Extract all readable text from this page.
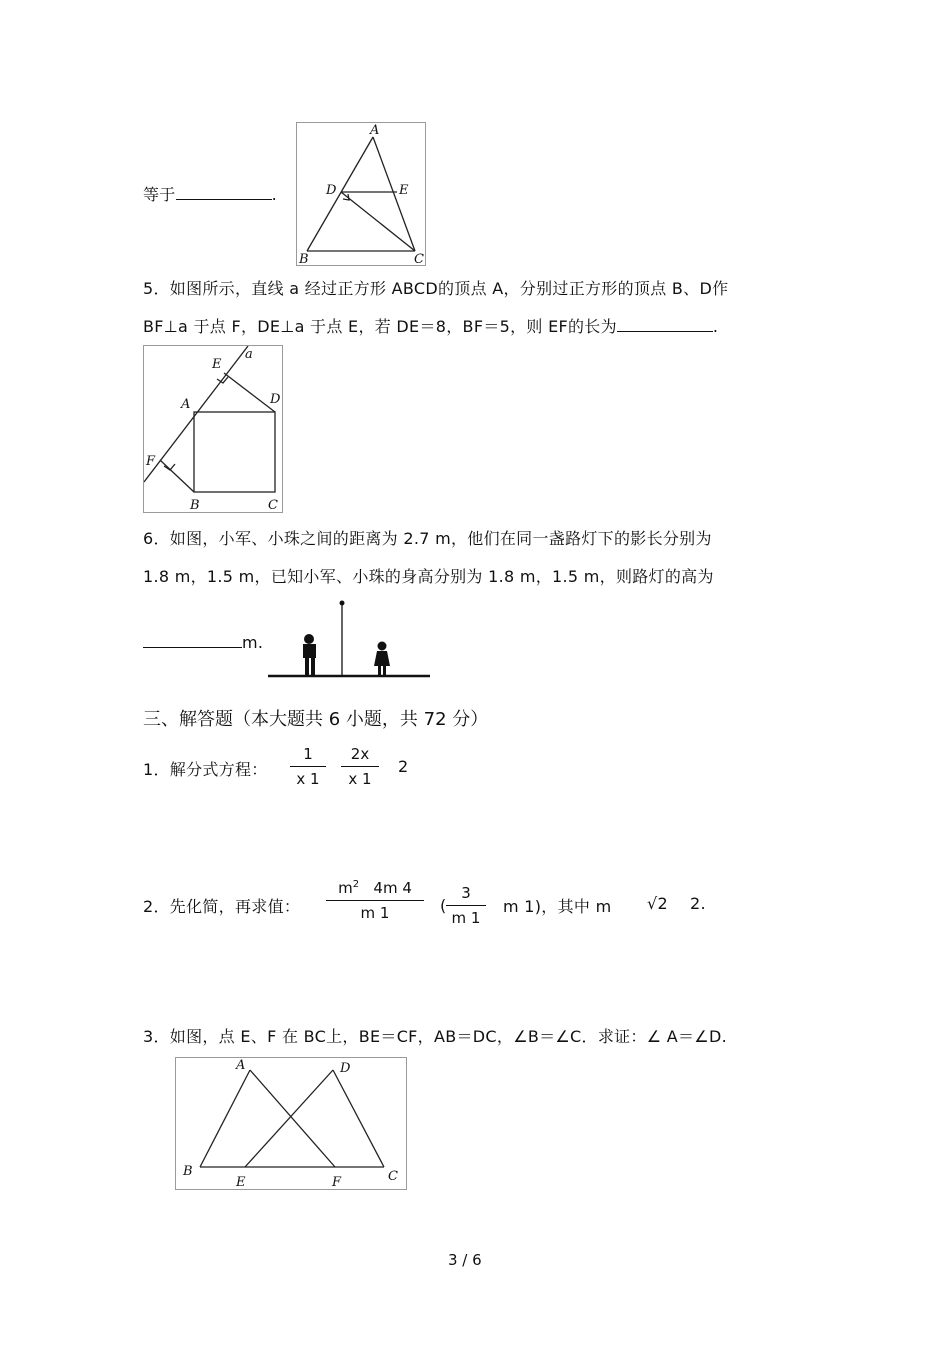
等于	.
A
D	E
B	C
5．如图所示，直线 a 经过正方形 ABCD的顶点 A，分别过正方形的顶点 B、D作
BF⊥a 于点 F，DE⊥a 于点 E，若 DE＝8，BF＝5，则 EF的长为	.
E
a
A	D
F
B	C
6．如图，小军、小珠之间的距离为 2.7 m，他们在同一盏路灯下的影长分别为
1.8 m，1.5 m，已知小军、小珠的身高分别为 1.8 m，1.5 m，则路灯的高为
m.
三、解答题（本大题共 6 小题，共 72 分）
1．解分式方程：
1
x 1
2x
x 1
2
2．先化简，再求值：
$m^2$ 4m 4
m 1	(
3
m 1
m 1)，其中 m √2 2.
3．如图，点 E、F 在 BC上，BE＝CF，AB＝DC，∠B＝∠C．求证：∠ A＝∠D.
A	D
B
E	F	C
3 / 6
